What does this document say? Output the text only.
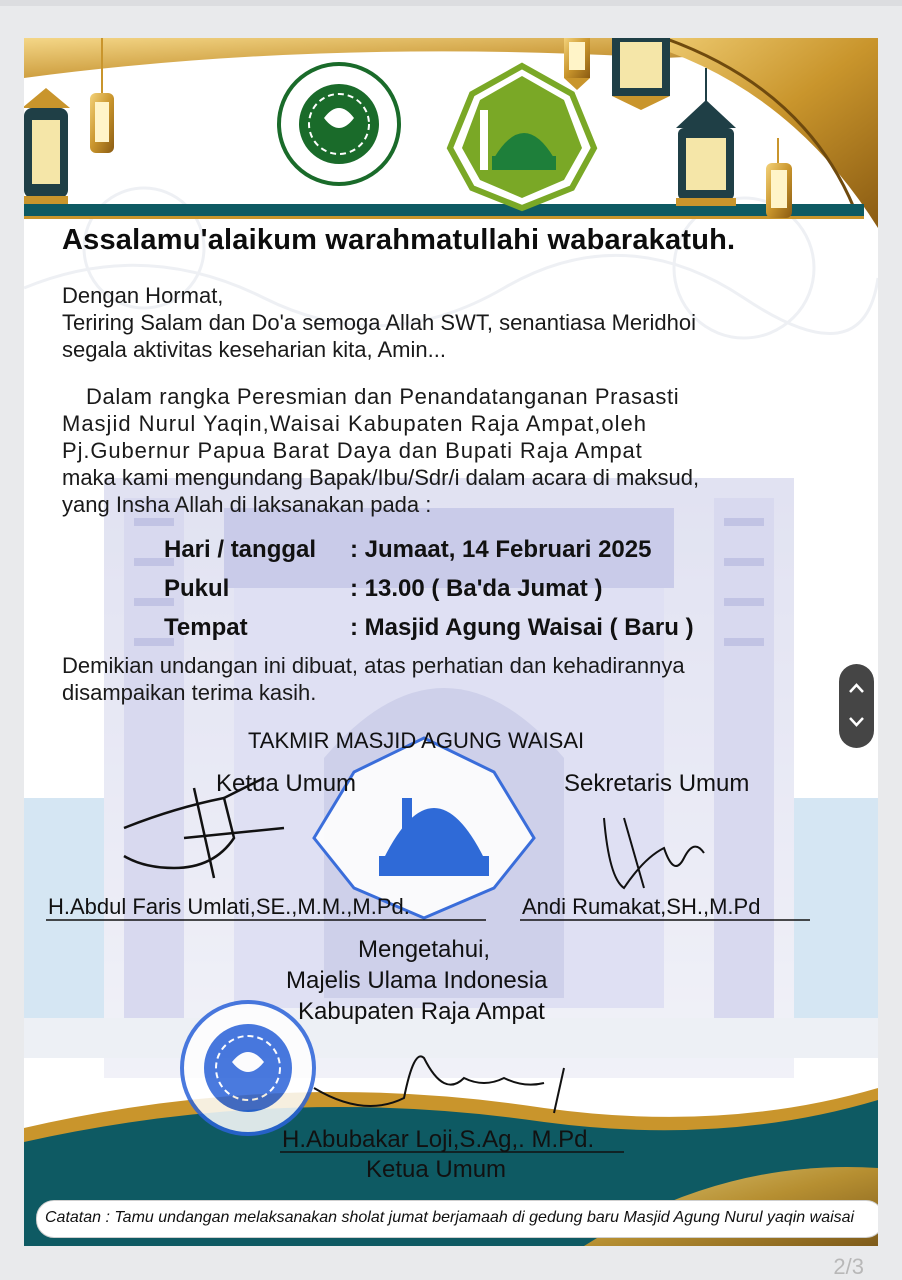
Assalamu'alaikum warahmatullahi wabarakatuh.
Dengan Hormat,
Teriring Salam dan Do'a semoga Allah SWT, senantiasa Meridhoi
segala aktivitas keseharian kita, Amin...
Dalam rangka Peresmian dan Penandatanganan Prasasti
Masjid Nurul Yaqin,Waisai Kabupaten Raja Ampat,oleh
Pj.Gubernur Papua Barat Daya dan Bupati Raja Ampat
maka kami mengundang Bapak/Ibu/Sdr/i dalam acara di maksud,
yang Insha Allah di laksanakan pada :
Hari / tanggal : Jumaat, 14 Februari 2025
Pukul	: 13.00 ( Ba'da Jumat )
Tempat	: Masjid Agung Waisai ( Baru )
Demikian undangan ini dibuat, atas perhatian dan kehadirannya
disampaikan terima kasih.
TAKMIR MASJID AGUNG WAISAI
Ketua Umum	Sekretaris Umum
H.Abdul Faris Umlati,SE.,M.M.,M.Pd.	Andi Rumakat,SH.,M.Pd
Mengetahui,
Majelis Ulama Indonesia
Kabupaten Raja Ampat
H.Abubakar Loji,S.Ag,. M.Pd.
Ketua Umum
Catatan : Tamu undangan melaksanakan sholat jumat berjamaah di gedung baru Masjid Agung Nurul yaqin waisai
2/3
